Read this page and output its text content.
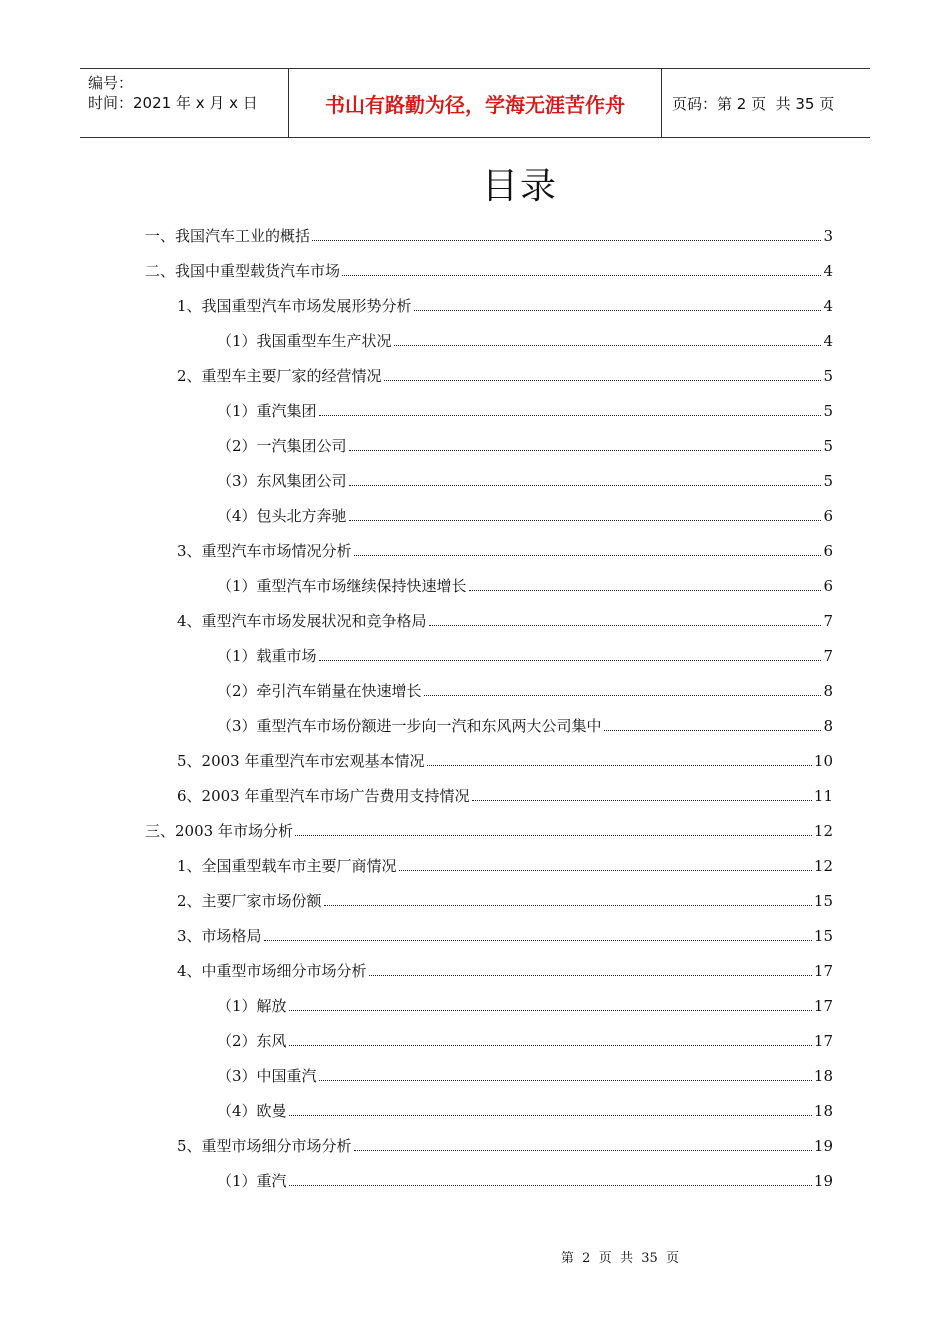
编号：
时间：2021 年 x 月 x 日	书山有路勤为径，学海无涯苦作舟	页码：第 2 页  共 35 页
目录
一、我国汽车工业的概括	3
二、我国中重型载货汽车市场	4
1、我国重型汽车市场发展形势分析	4
（1）我国重型车生产状况	4
2、重型车主要厂家的经营情况	5
（1）重汽集团	5
（2）一汽集团公司	5
（3）东风集团公司	5
（4）包头北方奔驰	6
3、重型汽车市场情况分析	6
（1）重型汽车市场继续保持快速增长	6
4、重型汽车市场发展状况和竞争格局	7
（1）载重市场	7
（2）牵引汽车销量在快速增长	8
（3）重型汽车市场份额进一步向一汽和东风两大公司集中	8
5、2003 年重型汽车市宏观基本情况	10
6、2003 年重型汽车市场广告费用支持情况	11
三、2003 年市场分析	12
1、全国重型载车市主要厂商情况	12
2、主要厂家市场份额	15
3、市场格局	15
4、中重型市场细分市场分析	17
（1）解放	17
（2）东风	17
（3）中国重汽	18
（4）欧曼	18
5、重型市场细分市场分析	19
（1）重汽	19
第  2  页  共  35  页
